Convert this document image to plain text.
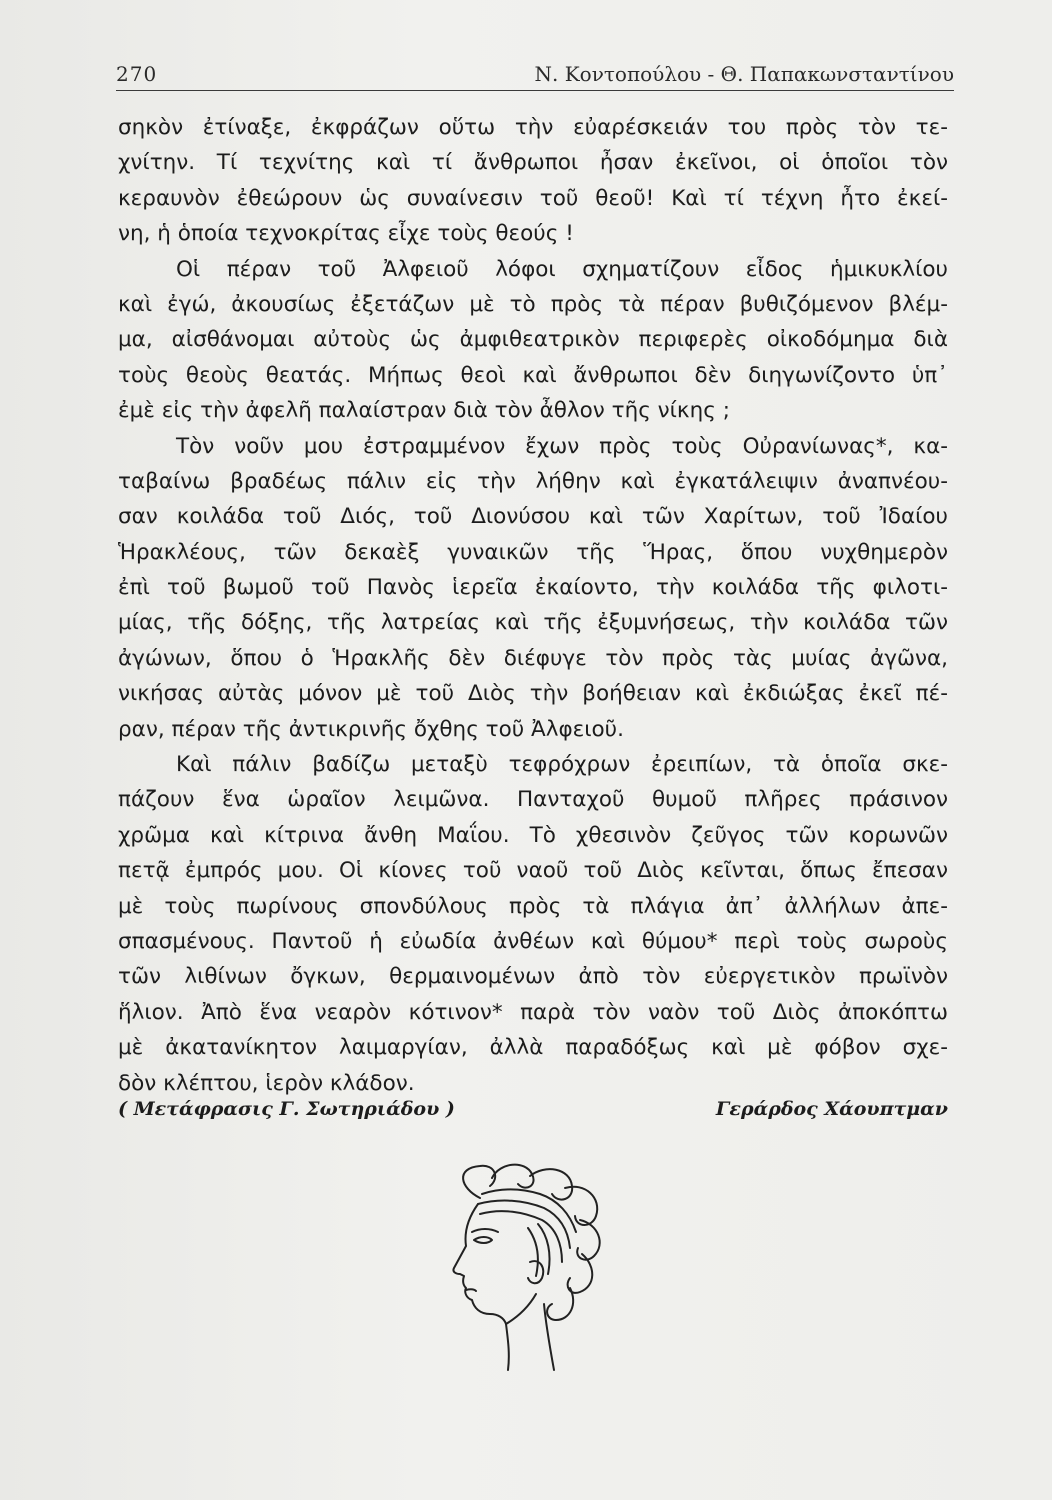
270	Ν. Κοντοπούλου - Θ. Παπακωνσταντίνου
σηκὸν ἐτίναξε, ἐκφράζων οὕτω τὴν εὐαρέσκειάν του πρὸς τὸν τε-
χνίτην. Τί τεχνίτης καὶ τί ἄνθρωποι ἦσαν ἐκεῖνοι, οἱ ὁποῖοι τὸν
κεραυνὸν ἐθεώρουν ὡς συναίνεσιν τοῦ θεοῦ! Καὶ τί τέχνη ἦτο ἐκεί-
νη, ἡ ὁποία τεχνοκρίτας εἶχε τοὺς θεούς !
Οἱ πέραν τοῦ Ἀλφειοῦ λόφοι σχηματίζουν εἶδος ἡμικυκλίου
καὶ ἐγώ, ἀκουσίως ἐξετάζων μὲ τὸ πρὸς τὰ πέραν βυθιζόμενον βλέμ-
μα, αἰσθάνομαι αὐτοὺς ὡς ἀμφιθεατρικὸν περιφερὲς οἰκοδόμημα διὰ
τοὺς θεοὺς θεατάς. Μήπως θεοὶ καὶ ἄνθρωποι δὲν διηγωνίζοντο ὑπ᾽
ἐμὲ εἰς τὴν ἀφελῆ παλαίστραν διὰ τὸν ἆθλον τῆς νίκης ;
Τὸν νοῦν μου ἐστραμμένον ἔχων πρὸς τοὺς Οὐρανίωνας*, κα-
ταβαίνω βραδέως πάλιν εἰς τὴν λήθην καὶ ἐγκατάλειψιν ἀναπνέου-
σαν κοιλάδα τοῦ Διός, τοῦ Διονύσου καὶ τῶν Χαρίτων, τοῦ Ἰδαίου
Ἡρακλέους, τῶν δεκαὲξ γυναικῶν τῆς Ἥρας, ὅπου νυχθημερὸν
ἐπὶ τοῦ βωμοῦ τοῦ Πανὸς ἱερεῖα ἐκαίοντο, τὴν κοιλάδα τῆς φιλοτι-
μίας, τῆς δόξης, τῆς λατρείας καὶ τῆς ἐξυμνήσεως, τὴν κοιλάδα τῶν
ἀγώνων, ὅπου ὁ Ἡρακλῆς δὲν διέφυγε τὸν πρὸς τὰς μυίας ἀγῶνα,
νικήσας αὐτὰς μόνον μὲ τοῦ Διὸς τὴν βοήθειαν καὶ ἐκδιώξας ἐκεῖ πέ-
ραν, πέραν τῆς ἀντικρινῆς ὄχθης τοῦ Ἀλφειοῦ.
Καὶ πάλιν βαδίζω μεταξὺ τεφρόχρων ἐρειπίων, τὰ ὁποῖα σκε-
πάζουν ἕνα ὡραῖον λειμῶνα. Πανταχοῦ θυμοῦ πλῆρες πράσινον
χρῶμα καὶ κίτρινα ἄνθη Μαΐου. Τὸ χθεσινὸν ζεῦγος τῶν κορωνῶν
πετᾷ ἐμπρός μου. Οἱ κίονες τοῦ ναοῦ τοῦ Διὸς κεῖνται, ὅπως ἔπεσαν
μὲ τοὺς πωρίνους σπονδύλους πρὸς τὰ πλάγια ἀπ᾽ ἀλλήλων ἀπε-
σπασμένους. Παντοῦ ἡ εὐωδία ἀνθέων καὶ θύμου* περὶ τοὺς σωροὺς
τῶν λιθίνων ὄγκων, θερμαινομένων ἀπὸ τὸν εὐεργετικὸν πρωϊνὸν
ἥλιον. Ἀπὸ ἕνα νεαρὸν κότινον* παρὰ τὸν ναὸν τοῦ Διὸς ἀποκόπτω
μὲ ἀκατανίκητον λαιμαργίαν, ἀλλὰ παραδόξως καὶ μὲ φόβον σχε-
δὸν κλέπτου, ἱερὸν κλάδον.
( Μετάφρασις Γ. Σωτηριάδου )	Γεράρδος Χάουπτμαν
